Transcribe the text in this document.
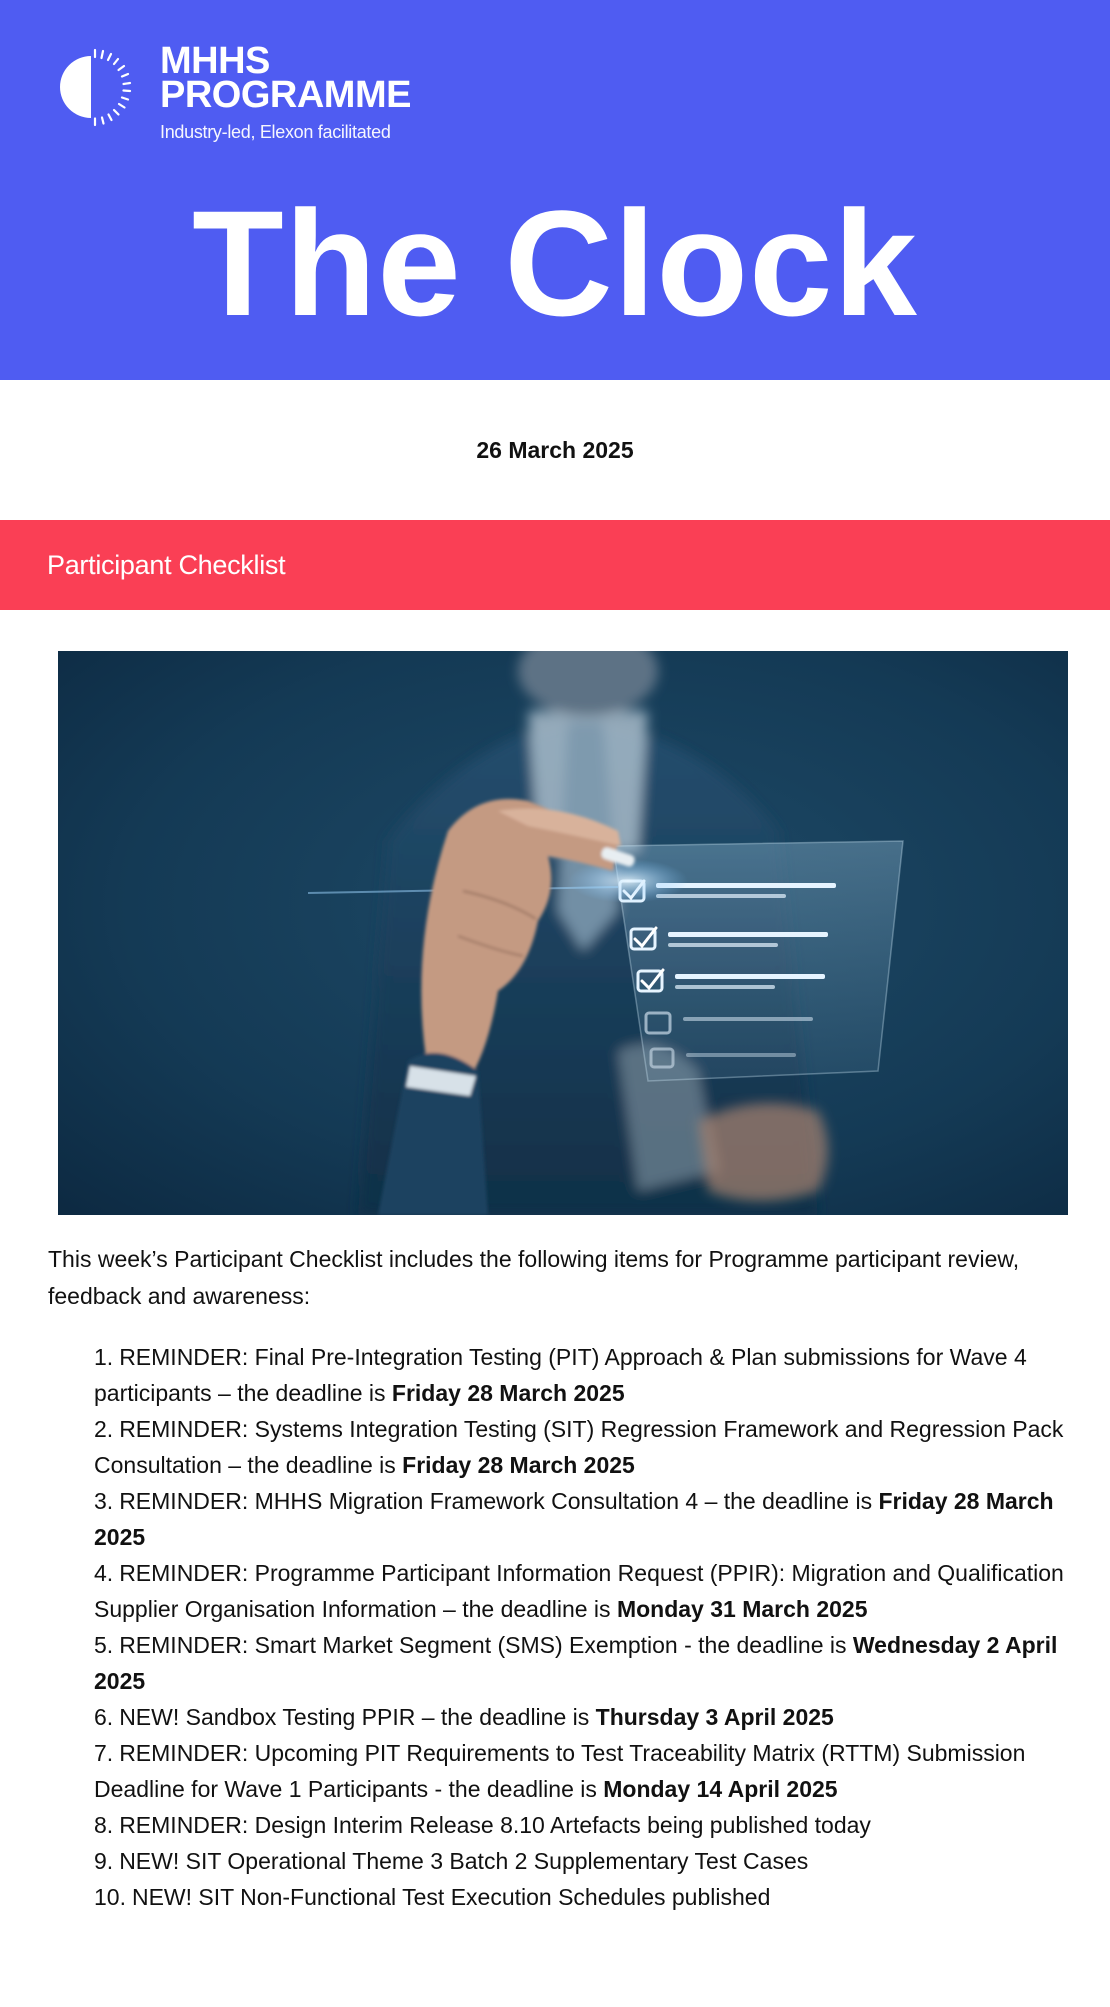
MHHS
PROGRAMME
Industry-led, Elexon facilitated
The Clock
26 March 2025
Participant Checklist
This week’s Participant Checklist includes the following items for Programme participant review, feedback and awareness:
1. REMINDER: Final Pre-Integration Testing (PIT) Approach & Plan submissions for Wave 4 participants – the deadline is Friday 28 March 2025
2. REMINDER: Systems Integration Testing (SIT) Regression Framework and Regression Pack Consultation – the deadline is Friday 28 March 2025
3. REMINDER: MHHS Migration Framework Consultation 4 – the deadline is Friday 28 March 2025
4. REMINDER: Programme Participant Information Request (PPIR): Migration and Qualification Supplier Organisation Information – the deadline is Monday 31 March 2025
5. REMINDER: Smart Market Segment (SMS) Exemption - the deadline is Wednesday 2 April 2025
6. NEW! Sandbox Testing PPIR – the deadline is Thursday 3 April 2025
7. REMINDER: Upcoming PIT Requirements to Test Traceability Matrix (RTTM) Submission Deadline for Wave 1 Participants - the deadline is Monday 14 April 2025
8. REMINDER: Design Interim Release 8.10 Artefacts being published today
9. NEW! SIT Operational Theme 3 Batch 2 Supplementary Test Cases
10. NEW! SIT Non-Functional Test Execution Schedules published
